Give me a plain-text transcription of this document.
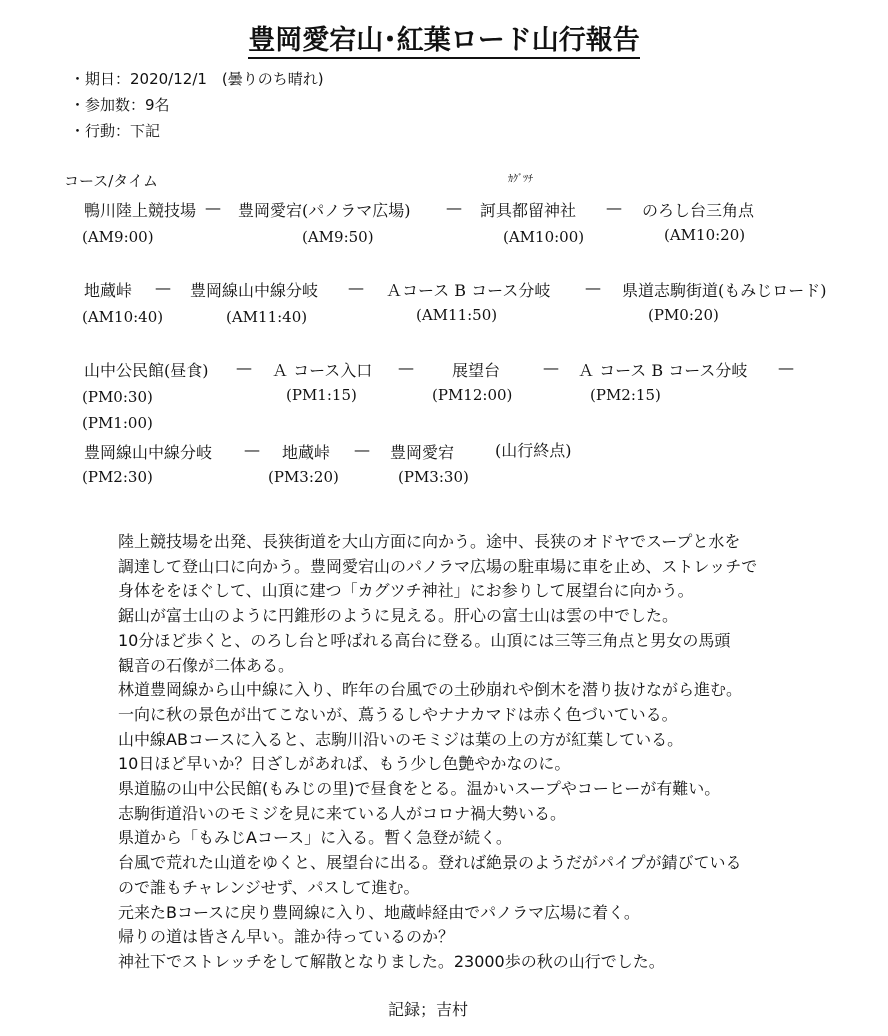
豊岡愛宕山･紅葉ロード山行報告
・期日：2020/12/1　(曇りのち晴れ)
・参加数：9名
・行動：下記
コース/タイム	ｶｸﾞﾂﾁ
鴨川陸上競技場 — 豊岡愛宕(パノラマ広場) — 訶具都留神社 — のろし台三角点
(AM9:00)	(AM9:50)	(AM10:00)	(AM10:20)
地蔵峠 — 豊岡線山中線分岐 — Ａコース B コース分岐 — 県道志駒街道(もみじロード)
(AM10:40)	(AM11:40)	(AM11:50)	(PM0:20)
山中公民館(昼食) — Ａ コース入口 — 展望台	— Ａ コース B コース分岐 —
(PM0:30)	(PM1:15)	(PM12:00)	(PM2:15)
(PM1:00)
豊岡線山中線分岐 — 地蔵峠 — 豊岡愛宕	(山行終点)
(PM2:30)	(PM3:20)	(PM3:30)
陸上競技場を出発、長狭街道を大山方面に向かう。途中、長狭のオドヤでスープと水を
調達して登山口に向かう。豊岡愛宕山のパノラマ広場の駐車場に車を止め、ストレッチで
身体ををほぐして、山頂に建つ「カグツチ神社」にお参りして展望台に向かう。
鋸山が富士山のように円錐形のように見える。肝心の富士山は雲の中でした。
10分ほど歩くと、のろし台と呼ばれる高台に登る。山頂には三等三角点と男女の馬頭
観音の石像が二体ある。
林道豊岡線から山中線に入り、昨年の台風での土砂崩れや倒木を潜り抜けながら進む。
一向に秋の景色が出てこないが、蔦うるしやナナカマドは赤く色づいている。
山中線ABコースに入ると、志駒川沿いのモミジは葉の上の方が紅葉している。
10日ほど早いか？日ざしがあれば、もう少し色艶やかなのに。
県道脇の山中公民館(もみじの里)で昼食をとる。温かいスープやコーヒーが有難い。
志駒街道沿いのモミジを見に来ている人がコロナ禍大勢いる。
県道から「もみじAコース」に入る。暫く急登が続く。
台風で荒れた山道をゆくと、展望台に出る。登れば絶景のようだがパイプが錆びている
ので誰もチャレンジせず、パスして進む。
元来たBコースに戻り豊岡線に入り、地蔵峠経由でパノラマ広場に着く。
帰りの道は皆さん早い。誰か待っているのか？
神社下でストレッチをして解散となりました。23000歩の秋の山行でした。
記録；吉村
